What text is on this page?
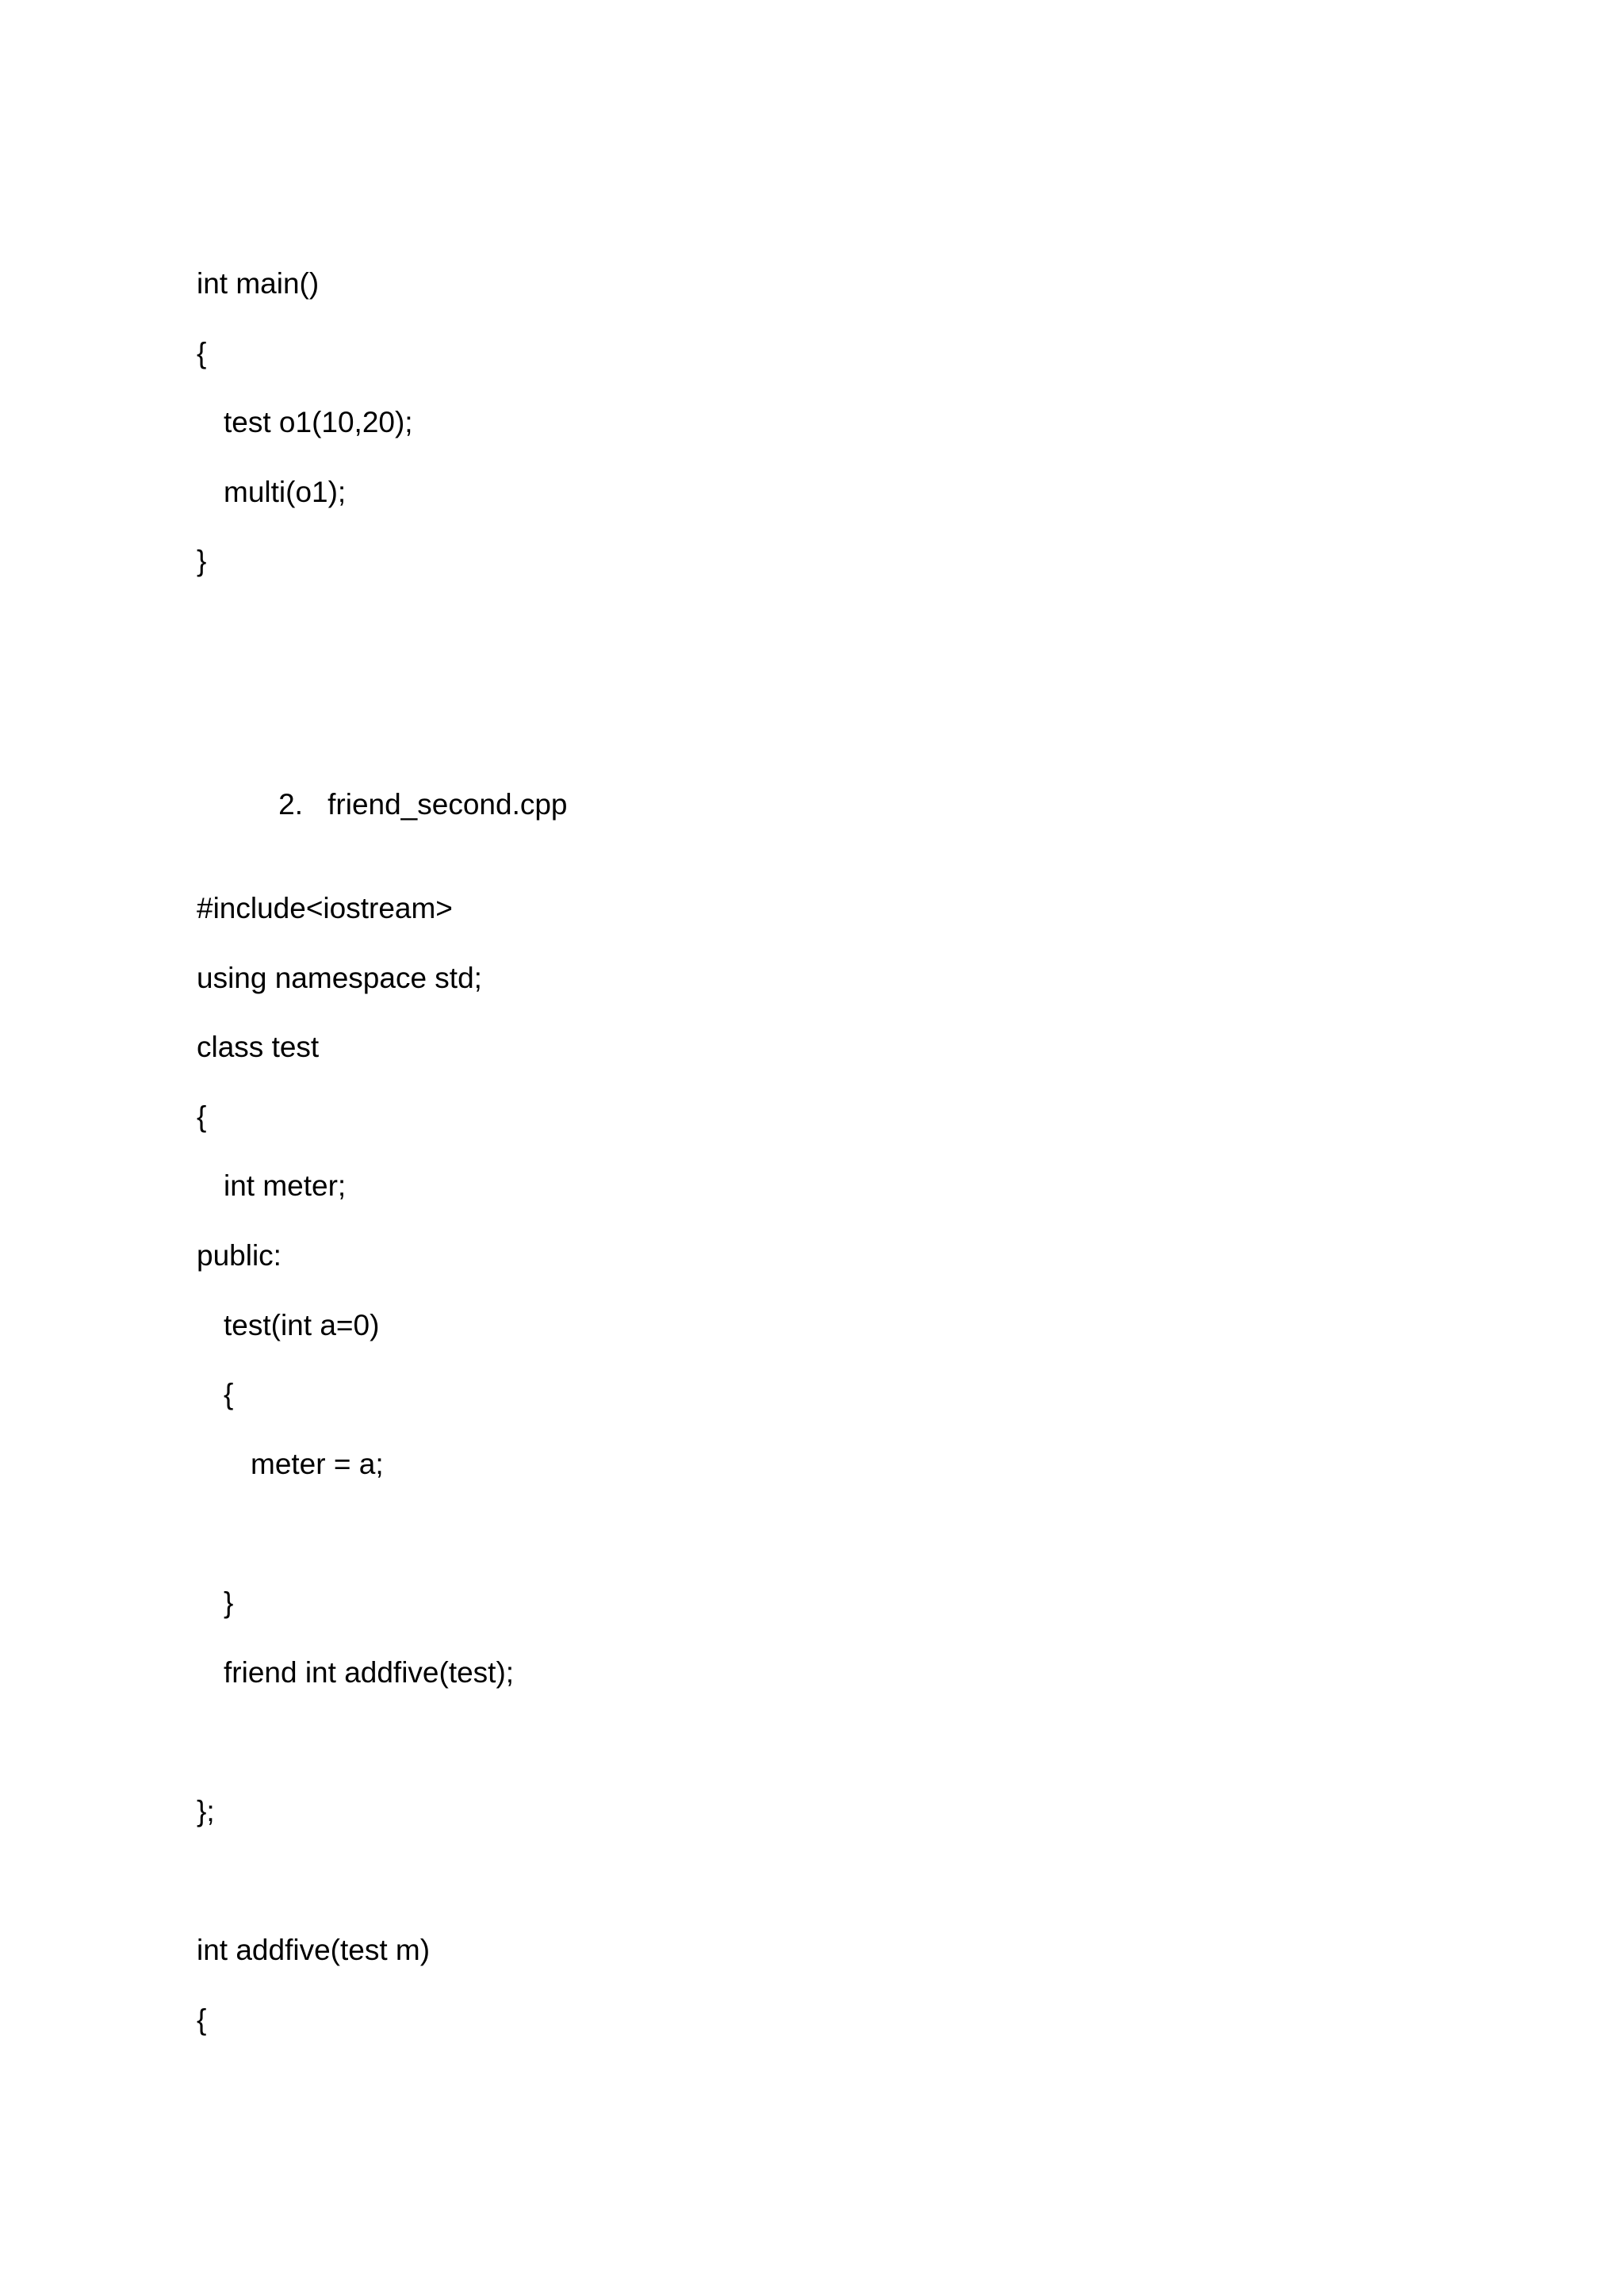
int main()
{
test o1(10,20);
multi(o1);
}

2. friend_second.cpp

#include<iostream>
using namespace std;
class test
{
int meter;
public:
test(int a=0)
{
meter = a;
}
friend int addfive(test);
};
int addfive(test m)
{
